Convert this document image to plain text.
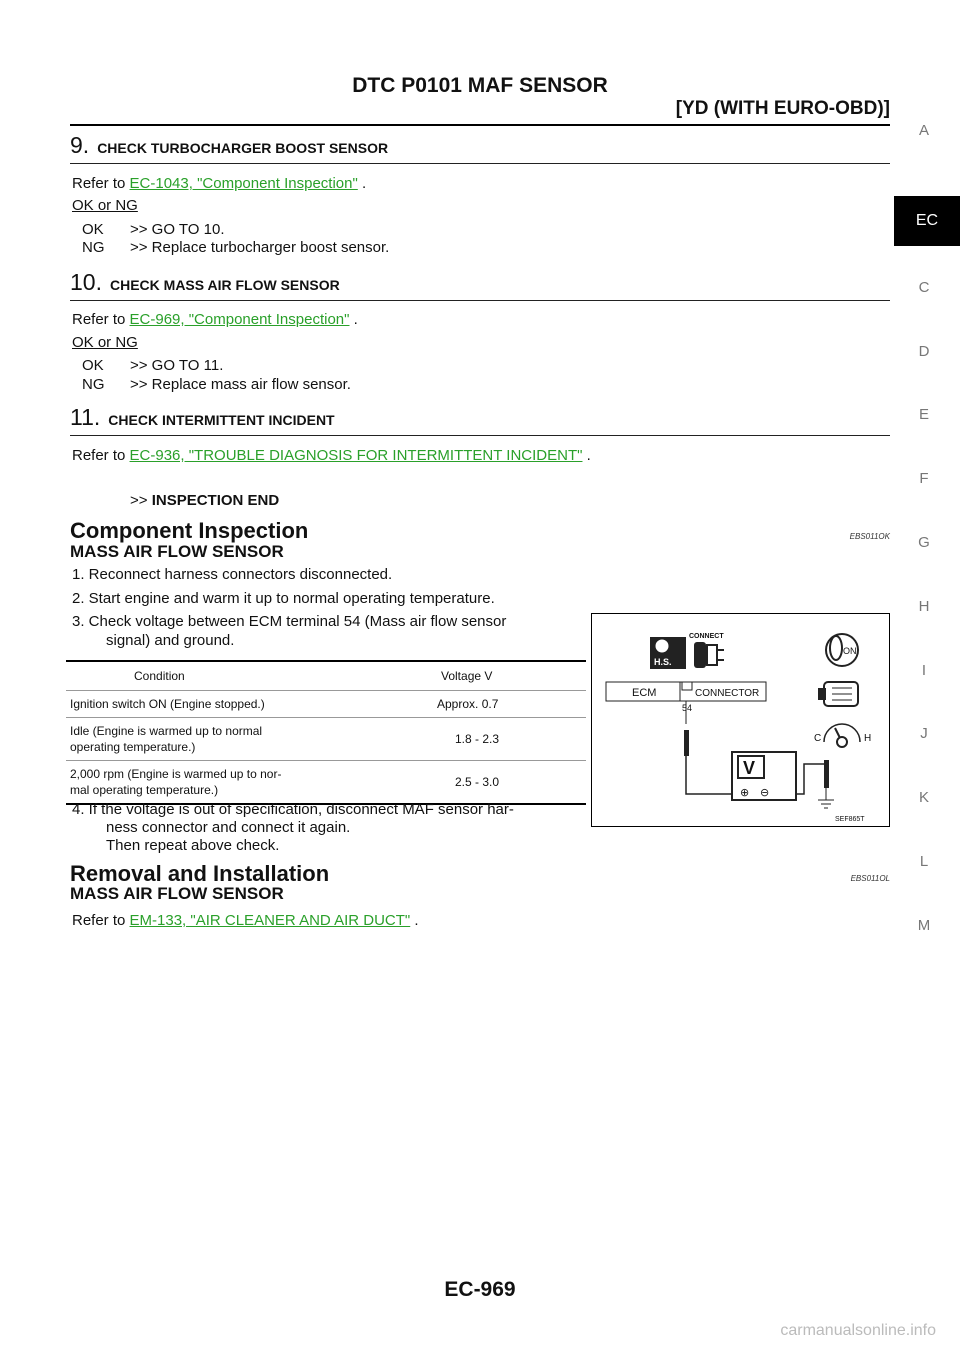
DTC P0101 MAF SENSOR
[YD (WITH EURO-OBD)]
A
EC
C
D
E
F
G
H
I
J
K
L
M
9. CHECK TURBOCHARGER BOOST SENSOR
Refer to EC-1043, "Component Inspection" .
OK or NG
OK >> GO TO 10.
NG >> Replace turbocharger boost sensor.
10. CHECK MASS AIR FLOW SENSOR
Refer to EC-969, "Component Inspection" .
OK or NG
OK >> GO TO 11.
NG >> Replace mass air flow sensor.
11. CHECK INTERMITTENT INCIDENT
Refer to EC-936, "TROUBLE DIAGNOSIS FOR INTERMITTENT INCIDENT" .
>> INSPECTION END
Component Inspection	EBS011OK
MASS AIR FLOW SENSOR
1. Reconnect harness connectors disconnected.
2. Start engine and warm it up to normal operating temperature.
3. Check voltage between ECM terminal 54 (Mass air flow sensor
signal) and ground.
Condition	Voltage V
Ignition switch ON (Engine stopped.)	Approx. 0.7

Idle (Engine is warmed up to normal
operating temperature.)	1.8 - 2.3

2,000 rpm (Engine is warmed up to nor-
mal operating temperature.)	2.5 - 3.0
4. If the voltage is out of specification, disconnect MAF sensor har-
ness connector and connect it again.
Then repeat above check.
H.S.
CONNECT
ECM	CONNECTOR
54
ON
C	H
V
⊕ ⊖
SEF865T
Removal and Installation	EBS011OL
MASS AIR FLOW SENSOR
Refer to EM-133, "AIR CLEANER AND AIR DUCT" .
EC-969
carmanualsonline.info
